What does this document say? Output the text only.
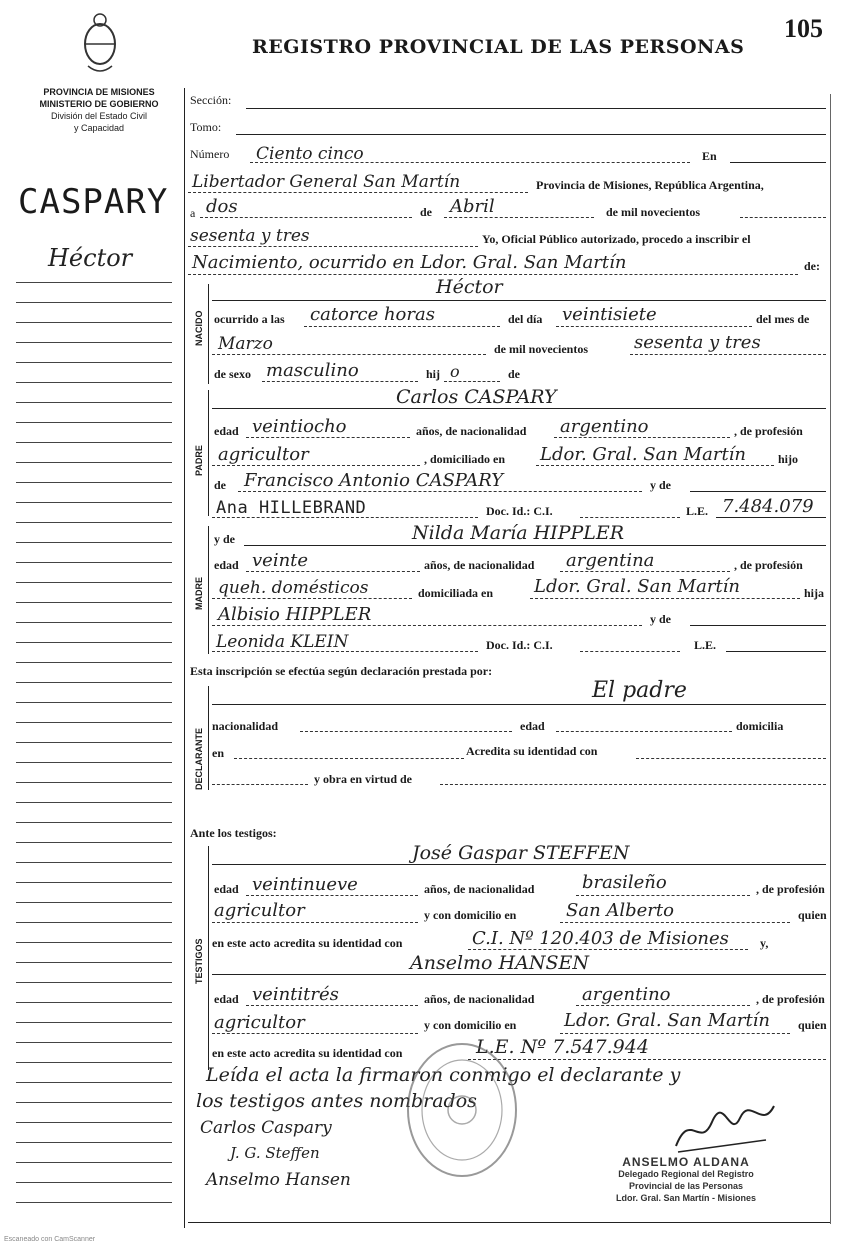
105
PROVINCIA DE MISIONES
MINISTERIO DE GOBIERNO
División del Estado Civil
y Capacidad
REGISTRO PROVINCIAL DE LAS PERSONAS
CASPARY
Héctor
Sección:
Tomo:
Número Ciento cinco	En
Libertador General San Martín	Provincia de Misiones, República Argentina,
a dos	de Abril	de mil novecientos
sesenta y tres	Yo, Oficial Público autorizado, procedo a inscribir el
Nacimiento, ocurrido en Ldor. Gral. San Martín	de:
NACIDO
Héctor
ocurrido a las catorce horas	del día veintisiete	del mes de
Marzo	de mil novecientos	sesenta y tres
de sexo masculino	hij o	de
PADRE
Carlos CASPARY
edad veintiocho	años, de nacionalidad argentino	, de profesión
agricultor	, domiciliado en Ldor. Gral. San Martín	hijo
de Francisco Antonio CASPARY	y de
Ana HILLEBRAND	Doc. Id.: C.I.	L.E. 7.484.079
MADRE
y de	Nilda María HIPPLER
edad veinte	años, de nacionalidad argentina	, de profesión
queh. domésticos	domiciliada en Ldor. Gral. San Martín	hija
Albisio HIPPLER	y de
Leonida KLEIN	Doc. Id.: C.I.	L.E.
Esta inscripción se efectúa según declaración prestada por:
DECLARANTE
El padre
nacionalidad	edad	domicilia
en	Acredita su identidad con
y obra en virtud de
Ante los testigos:
TESTIGOS
José Gaspar STEFFEN
edad veintinueve	años, de nacionalidad	brasileño	, de profesión
agricultor	y con domicilio en	San Alberto	quien
en este acto acredita su identidad con	C.I. Nº 120.403 de Misiones	y,
Anselmo HANSEN
edad veintitrés	años, de nacionalidad	argentino	, de profesión
agricultor	y con domicilio en	Ldor. Gral. San Martín quien
en este acto acredita su identidad con	L.E. Nº 7.547.944
Leída el acta la firmaron conmigo el declarante y
los testigos antes nombrados
Carlos Caspary
J. G. Steffen
Anselmo Hansen
ANSELMO ALDANA
Delegado Regional del Registro
Provincial de las Personas
Ldor. Gral. San Martín - Misiones
Escaneado con CamScanner
